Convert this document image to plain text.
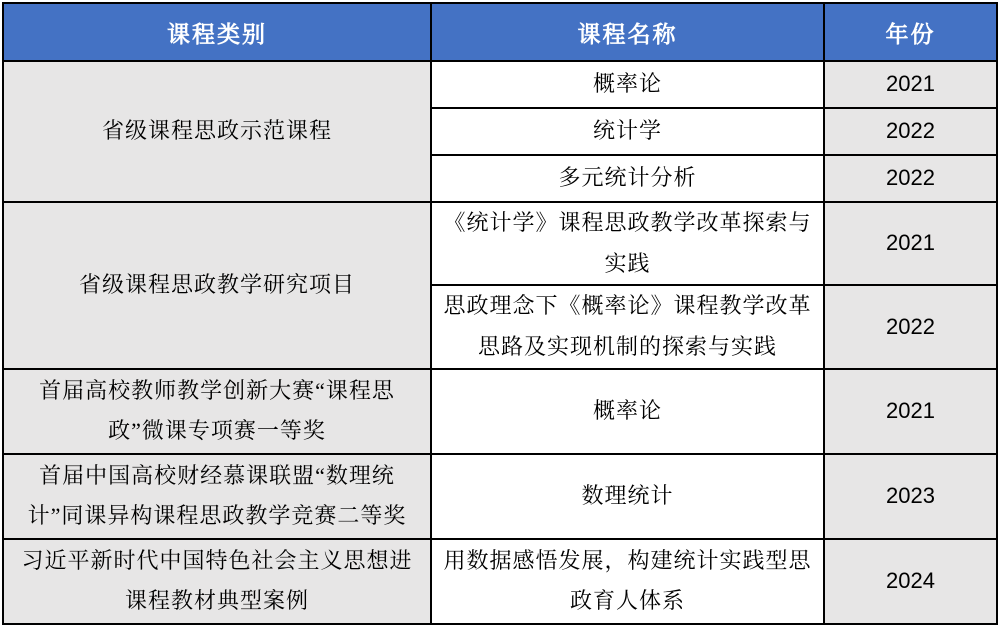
课程类别	课程名称	年份
省级课程思政示范课程	概率论	2021
	统计学	2022
	多元统计分析	2022
省级课程思政教学研究项目	《统计学》课程思政教学改革探索与实践	2021
	思政理念下《概率论》课程教学改革思路及实现机制的探索与实践	2022
首届高校教师教学创新大赛“课程思政”微课专项赛一等奖	概率论	2021
首届中国高校财经慕课联盟“数理统计”同课异构课程思政教学竞赛二等奖	数理统计	2023
习近平新时代中国特色社会主义思想进课程教材典型案例	用数据感悟发展，构建统计实践型思政育人体系	2024
